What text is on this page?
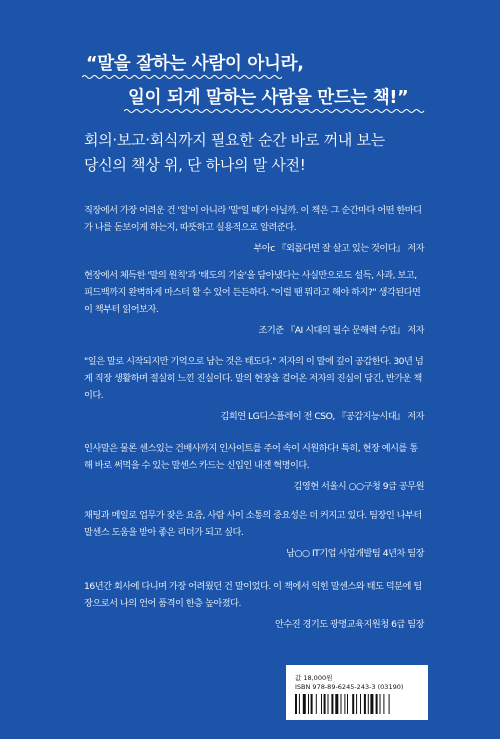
“말을 잘하는 사람이 아니라,
일이 되게 말하는 사람을 만드는 책!”
회의·보고·회식까지 필요한 순간 바로 꺼내 보는
당신의 책상 위, 단 하나의 말 사전!
직장에서 가장 어려운 건 '일'이 아니라 '말'일 때가 아닐까. 이 책은 그 순간마다 어떤 한마디가 나를 돋보이게 하는지, 따뜻하고 실용적으로 알려준다.
부아c 『외롭다면 잘 살고 있는 것이다』 저자
현장에서 체득한 '말의 원칙'과 '태도의 기술'을 담아냈다는 사실만으로도 설득, 사과, 보고, 피드백까지 완벽하게 마스터 할 수 있어 든든하다. "이럴 땐 뭐라고 해야 하지?" 생각된다면 이 책부터 읽어보자.
조기준 『AI 시대의 필수 문해력 수업』 저자
"일은 말로 시작되지만 기억으로 남는 것은 태도다." 저자의 이 말에 깊이 공감한다. 30년 넘게 직장 생활하며 절실히 느낀 진실이다. 말의 현장을 걸어온 저자의 진심이 담긴, 반가운 책이다.
김희연 LG디스플레이 전 CSO, 『공감지능시대』 저자
인사말은 물론 센스있는 건배사까지 인사이트를 주어 속이 시원하다! 특히, 현장 예시를 통해 바로 써먹을 수 있는 말센스 카드는 신입인 내겐 혁명이다.
김영현 서울시 ○○구청 9급 공무원
채팅과 메일로 업무가 잦은 요즘, 사람 사이 소통의 중요성은 더 커지고 있다. 팀장인 나부터 말센스 도움을 받아 좋은 리더가 되고 싶다.
남○○ IT기업 사업개발팀 4년차 팀장
16년간 회사에 다니며 가장 어려웠던 건 말이었다. 이 책에서 익힌 말센스와 태도 덕분에 팀장으로서 나의 언어 품격이 한층 높아졌다.
안수진 경기도 광명교육지원청 6급 팀장
값 18,000원
ISBN 978-89-6245-243-3 (03190)
